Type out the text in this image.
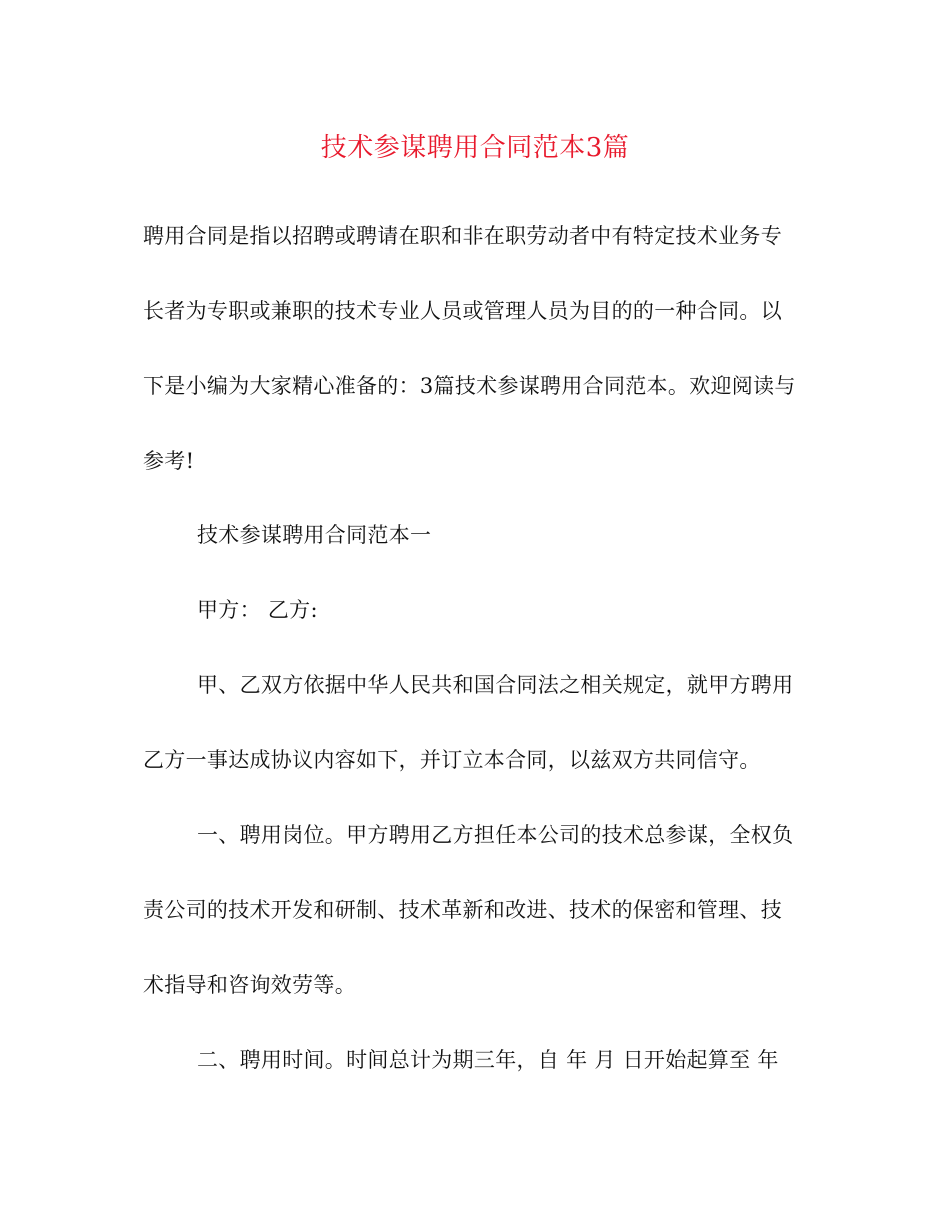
技术参谋聘用合同范本3篇
聘用合同是指以招聘或聘请在职和非在职劳动者中有特定技术业务专
长者为专职或兼职的技术专业人员或管理人员为目的的一种合同。以
下是小编为大家精心准备的：3篇技术参谋聘用合同范本。欢迎阅读与
参考!
技术参谋聘用合同范本一
甲方： 乙方:
甲、乙双方依据中华人民共和国合同法之相关规定，就甲方聘用
乙方一事达成协议内容如下，并订立本合同，以兹双方共同信守。
一、聘用岗位。甲方聘用乙方担任本公司的技术总参谋，全权负
责公司的技术开发和研制、技术革新和改进、技术的保密和管理、技
术指导和咨询效劳等。
二、聘用时间。时间总计为期三年，自 年 月 日开始起算至 年
